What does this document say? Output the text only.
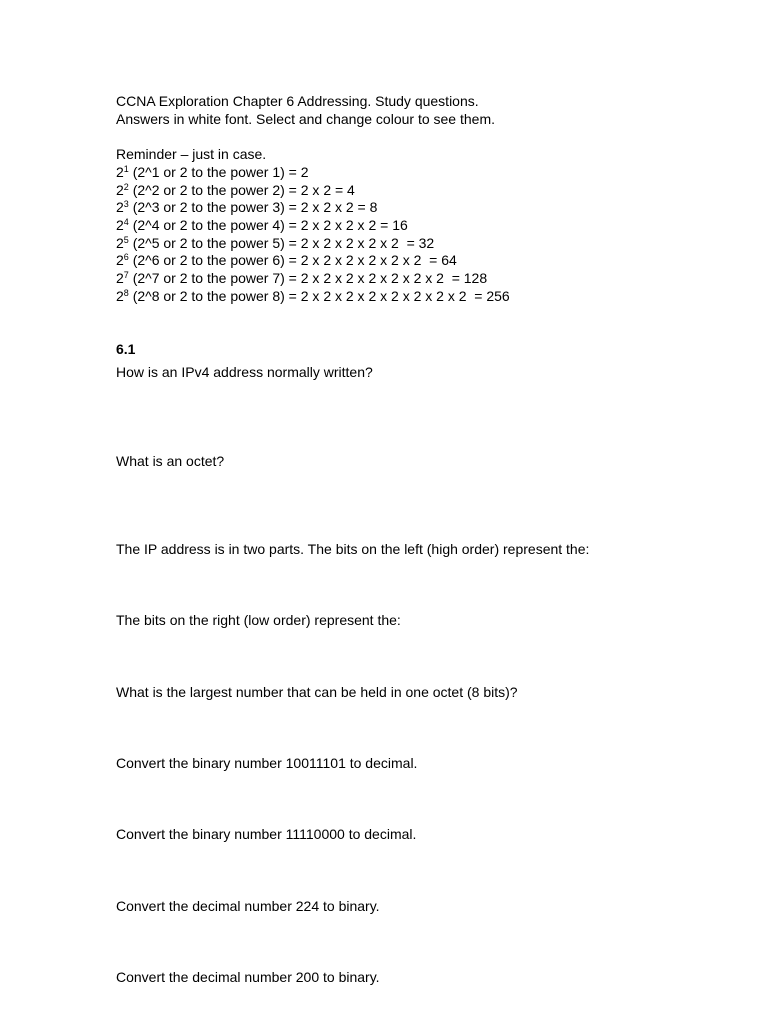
CCNA Exploration Chapter 6 Addressing. Study questions.
Answers in white font. Select and change colour to see them.
Reminder – just in case.
$2^1$ (2^1 or 2 to the power 1) = 2
$2^2$ (2^2 or 2 to the power 2) = 2 x 2 = 4
$2^3$ (2^3 or 2 to the power 3) = 2 x 2 x 2 = 8
$2^4$ (2^4 or 2 to the power 4) = 2 x 2 x 2 x 2 = 16
$2^5$ (2^5 or 2 to the power 5) = 2 x 2 x 2 x 2 x 2  = 32
$2^6$ (2^6 or 2 to the power 6) = 2 x 2 x 2 x 2 x 2 x 2  = 64
$2^7$ (2^7 or 2 to the power 7) = 2 x 2 x 2 x 2 x 2 x 2 x 2  = 128
$2^8$ (2^8 or 2 to the power 8) = 2 x 2 x 2 x 2 x 2 x 2 x 2 x 2  = 256
6.1
How is an IPv4 address normally written?
What is an octet?
The IP address is in two parts. The bits on the left (high order) represent the:
The bits on the right (low order) represent the:
What is the largest number that can be held in one octet (8 bits)?
Convert the binary number 10011101 to decimal.
Convert the binary number 11110000 to decimal.
Convert the decimal number 224 to binary.
Convert the decimal number 200 to binary.
